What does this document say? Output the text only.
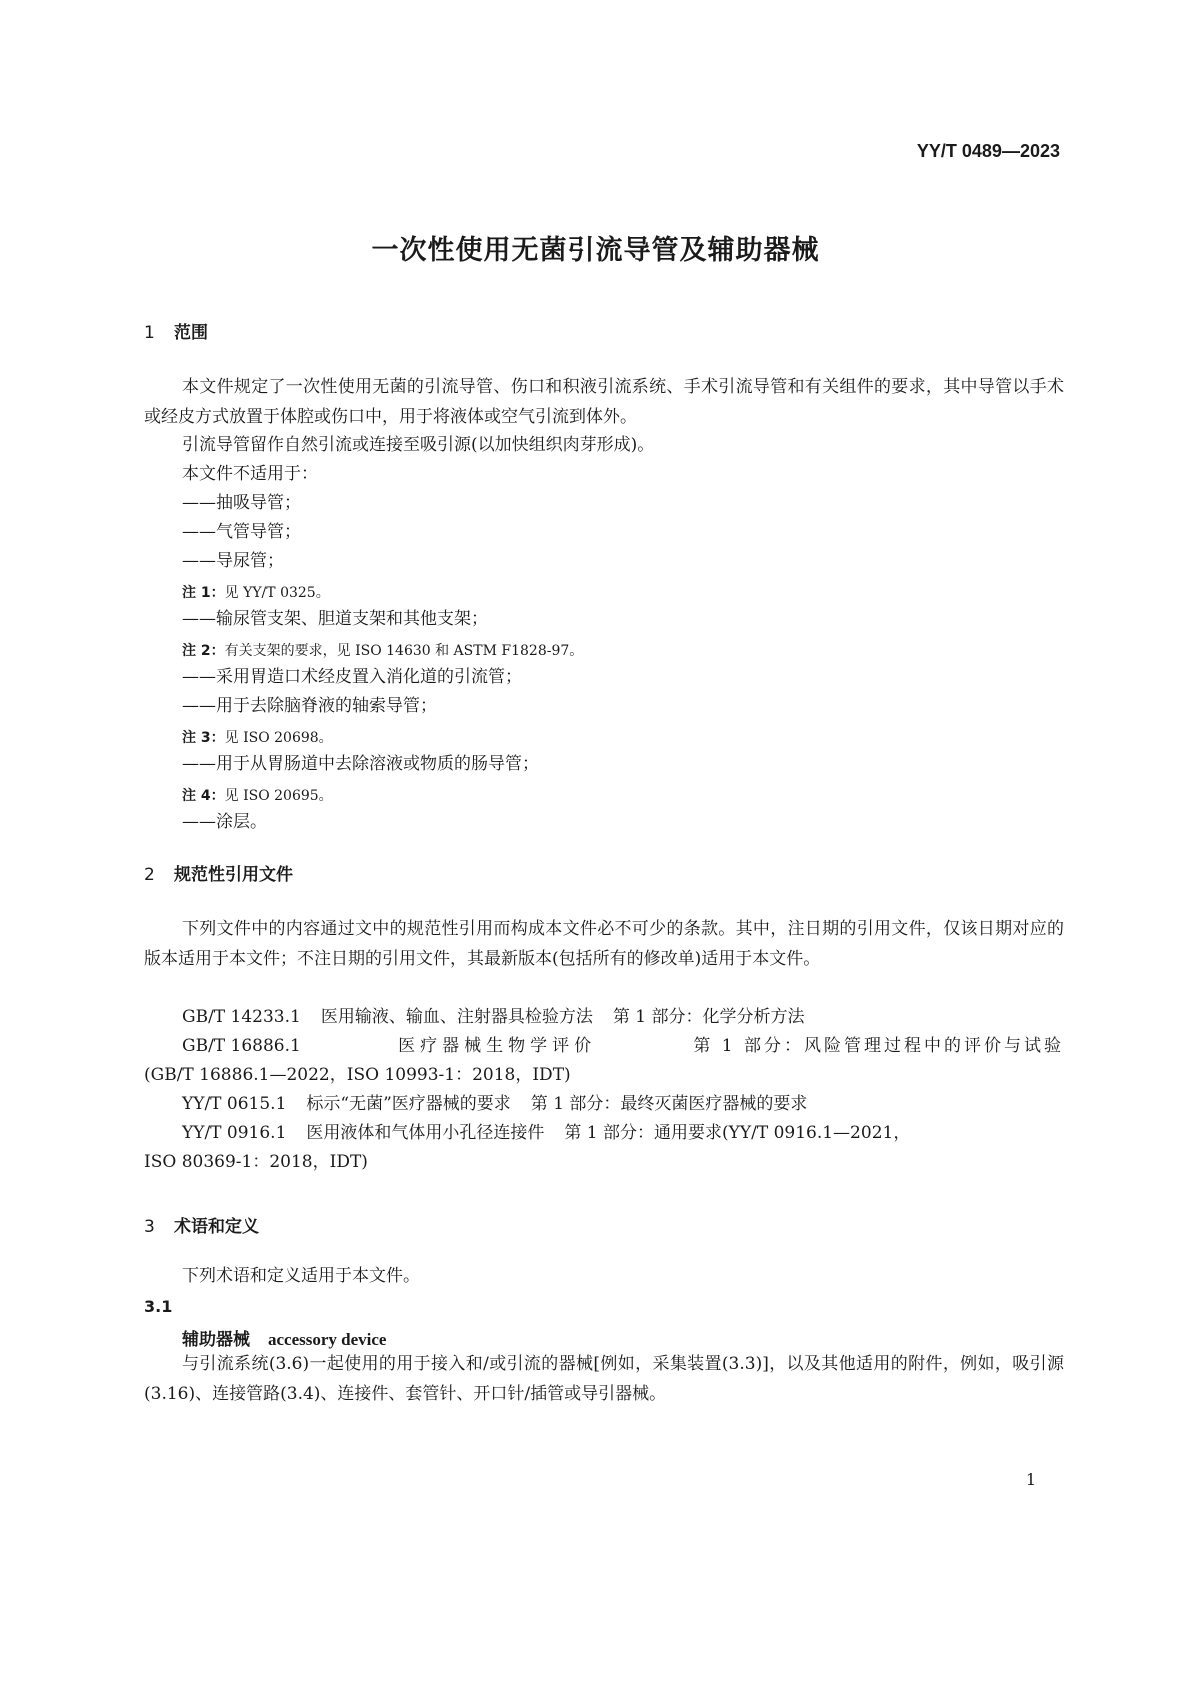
YY/T 0489—2023
一次性使用无菌引流导管及辅助器械
1 范围
本文件规定了一次性使用无菌的引流导管、伤口和积液引流系统、手术引流导管和有关组件的要求，其中导管以手术或经皮方式放置于体腔或伤口中，用于将液体或空气引流到体外。
引流导管留作自然引流或连接至吸引源(以加快组织肉芽形成)。
本文件不适用于：
——抽吸导管；
——气管导管；
——导尿管；
注 1：见 YY/T 0325。
——输尿管支架、胆道支架和其他支架；
注 2：有关支架的要求，见 ISO 14630 和 ASTM F1828-97。
——采用胃造口术经皮置入消化道的引流管；
——用于去除脑脊液的轴索导管；
注 3：见 ISO 20698。
——用于从胃肠道中去除溶液或物质的肠导管；
注 4：见 ISO 20695。
——涂层。
2 规范性引用文件
下列文件中的内容通过文中的规范性引用而构成本文件必不可少的条款。其中，注日期的引用文件，仅该日期对应的版本适用于本文件；不注日期的引用文件，其最新版本(包括所有的修改单)适用于本文件。
GB/T 14233.1 医用输液、输血、注射器具检验方法 第 1 部分：化学分析方法
GB/T 16886.1	医疗器械生物学评价	第 1 部分：风险管理过程中的评价与试验
(GB/T 16886.1—2022，ISO 10993-1：2018，IDT)
YY/T 0615.1 标示“无菌”医疗器械的要求 第 1 部分：最终灭菌医疗器械的要求
YY/T 0916.1 医用液体和气体用小孔径连接件 第 1 部分：通用要求(YY/T 0916.1—2021，
ISO 80369-1：2018，IDT)
3 术语和定义
下列术语和定义适用于本文件。
3.1
辅助器械 accessory device
与引流系统(3.6)一起使用的用于接入和/或引流的器械[例如，采集装置(3.3)]，以及其他适用的附件，例如，吸引源(3.16)、连接管路(3.4)、连接件、套管针、开口针/插管或导引器械。
1
